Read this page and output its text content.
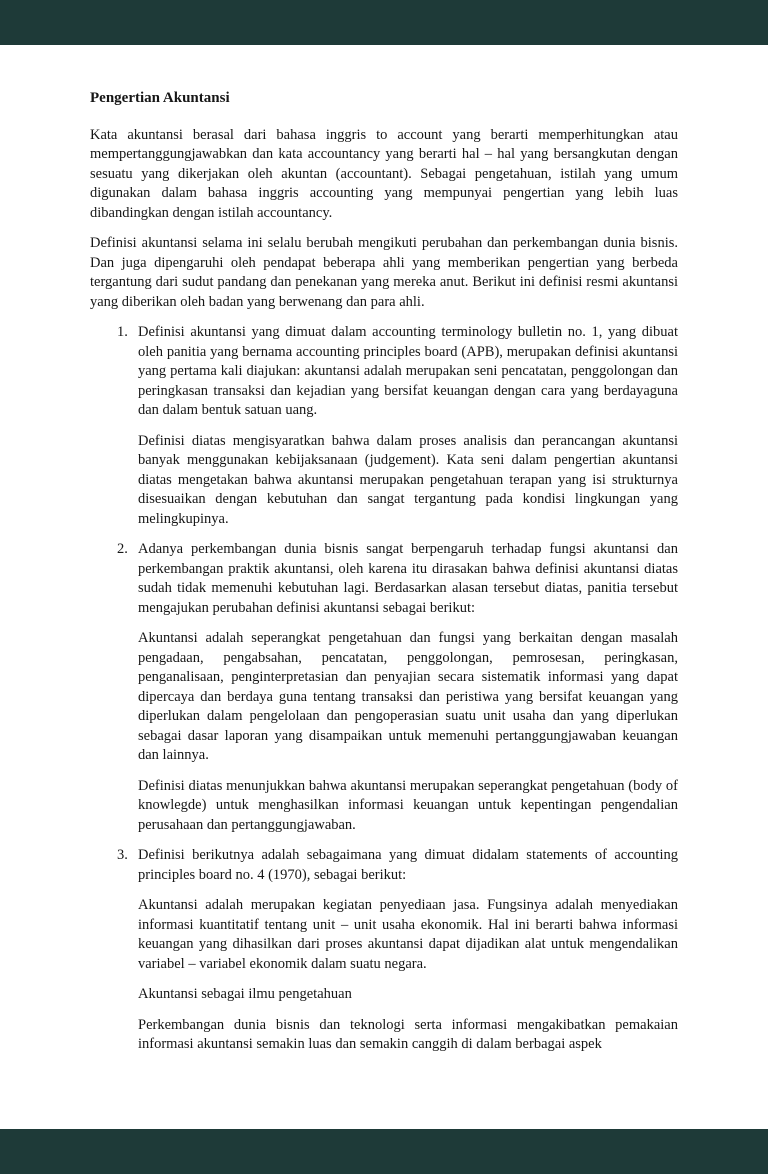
Pengertian Akuntansi

Kata akuntansi berasal dari bahasa inggris to account yang berarti memperhitungkan atau mempertanggungjawabkan dan kata accountancy yang berarti hal – hal yang bersangkutan dengan sesuatu yang dikerjakan oleh akuntan (accountant). Sebagai pengetahuan, istilah yang umum digunakan dalam bahasa inggris accounting yang mempunyai pengertian yang lebih luas dibandingkan dengan istilah accountancy.

Definisi akuntansi selama ini selalu berubah mengikuti perubahan dan perkembangan dunia bisnis. Dan juga dipengaruhi oleh pendapat beberapa ahli yang memberikan pengertian yang berbeda tergantung dari sudut pandang dan penekanan yang mereka anut. Berikut ini definisi resmi akuntansi yang diberikan oleh badan yang berwenang dan para ahli.

1. Definisi akuntansi yang dimuat dalam accounting terminology bulletin no. 1, yang dibuat oleh panitia yang bernama accounting principles board (APB), merupakan definisi akuntansi yang pertama kali diajukan: akuntansi adalah merupakan seni pencatatan, penggolongan dan peringkasan transaksi dan kejadian yang bersifat keuangan dengan cara yang berdayaguna dan dalam bentuk satuan uang.

Definisi diatas mengisyaratkan bahwa dalam proses analisis dan perancangan akuntansi banyak menggunakan kebijaksanaan (judgement). Kata seni dalam pengertian akuntansi diatas mengetakan bahwa akuntansi merupakan pengetahuan terapan yang isi strukturnya disesuaikan dengan kebutuhan dan sangat tergantung pada kondisi lingkungan yang melingkupinya.

2. Adanya perkembangan dunia bisnis sangat berpengaruh terhadap fungsi akuntansi dan perkembangan praktik akuntansi, oleh karena itu dirasakan bahwa definisi akuntansi diatas sudah tidak memenuhi kebutuhan lagi. Berdasarkan alasan tersebut diatas, panitia tersebut mengajukan perubahan definisi akuntansi sebagai berikut:

Akuntansi adalah seperangkat pengetahuan dan fungsi yang berkaitan dengan masalah pengadaan, pengabsahan, pencatatan, penggolongan, pemrosesan, peringkasan, penganalisaan, penginterpretasian dan penyajian secara sistematik informasi yang dapat dipercaya dan berdaya guna tentang transaksi dan peristiwa yang bersifat keuangan yang diperlukan dalam pengelolaan dan pengoperasian suatu unit usaha dan yang diperlukan sebagai dasar laporan yang disampaikan untuk memenuhi pertanggungjawaban keuangan dan lainnya.

Definisi diatas menunjukkan bahwa akuntansi merupakan seperangkat pengetahuan (body of knowlegde) untuk menghasilkan informasi keuangan untuk kepentingan pengendalian perusahaan dan pertanggungjawaban.

3. Definisi berikutnya adalah sebagaimana yang dimuat didalam statements of accounting principles board no. 4 (1970), sebagai berikut:

Akuntansi adalah merupakan kegiatan penyediaan jasa. Fungsinya adalah menyediakan informasi kuantitatif tentang unit – unit usaha ekonomik. Hal ini berarti bahwa informasi keuangan yang dihasilkan dari proses akuntansi dapat dijadikan alat untuk mengendalikan variabel – variabel ekonomik dalam suatu negara.

Akuntansi sebagai ilmu pengetahuan

Perkembangan dunia bisnis dan teknologi serta informasi mengakibatkan pemakaian informasi akuntansi semakin luas dan semakin canggih di dalam berbagai aspek
